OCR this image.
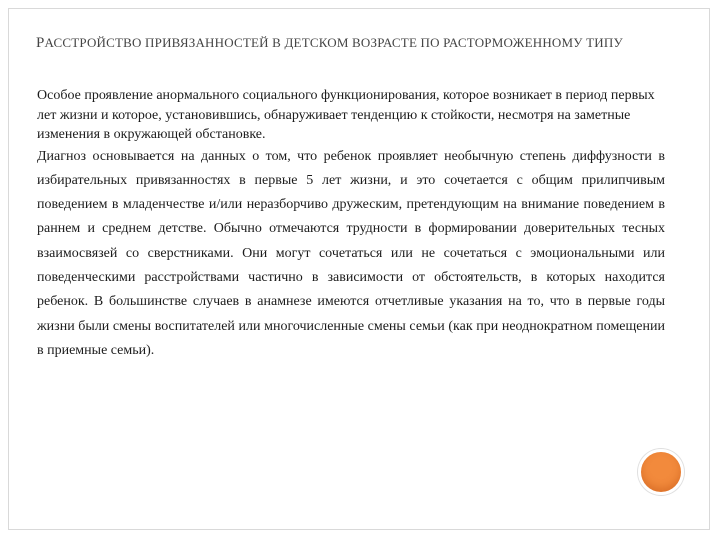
РАССТРОЙСТВО ПРИВЯЗАННОСТЕЙ В ДЕТСКОМ ВОЗРАСТЕ ПО РАСТОРМОЖЕННОМУ ТИПУ

Особое проявление анормального социального функционирования, которое возникает в период первых лет жизни и которое, установившись, обнаруживает тенденцию к стойкости, несмотря на заметные изменения в окружающей обстановке.

Диагноз основывается на данных о том, что ребенок проявляет необычную степень диффузности в избирательных привязанностях в первые 5 лет жизни, и это сочетается с общим прилипчивым поведением в младенчестве и/или неразборчиво дружеским, претендующим на внимание поведением в раннем и среднем детстве. Обычно отмечаются трудности в формировании доверительных тесных взаимосвязей со сверстниками. Они могут сочетаться или не сочетаться с эмоциональными или поведенческими расстройствами частично в зависимости от обстоятельств, в которых находится ребенок. В большинстве случаев в анамнезе имеются отчетливые указания на то, что в первые годы жизни были смены воспитателей или многочисленные смены семьи (как при неоднократном помещении в приемные семьи).
